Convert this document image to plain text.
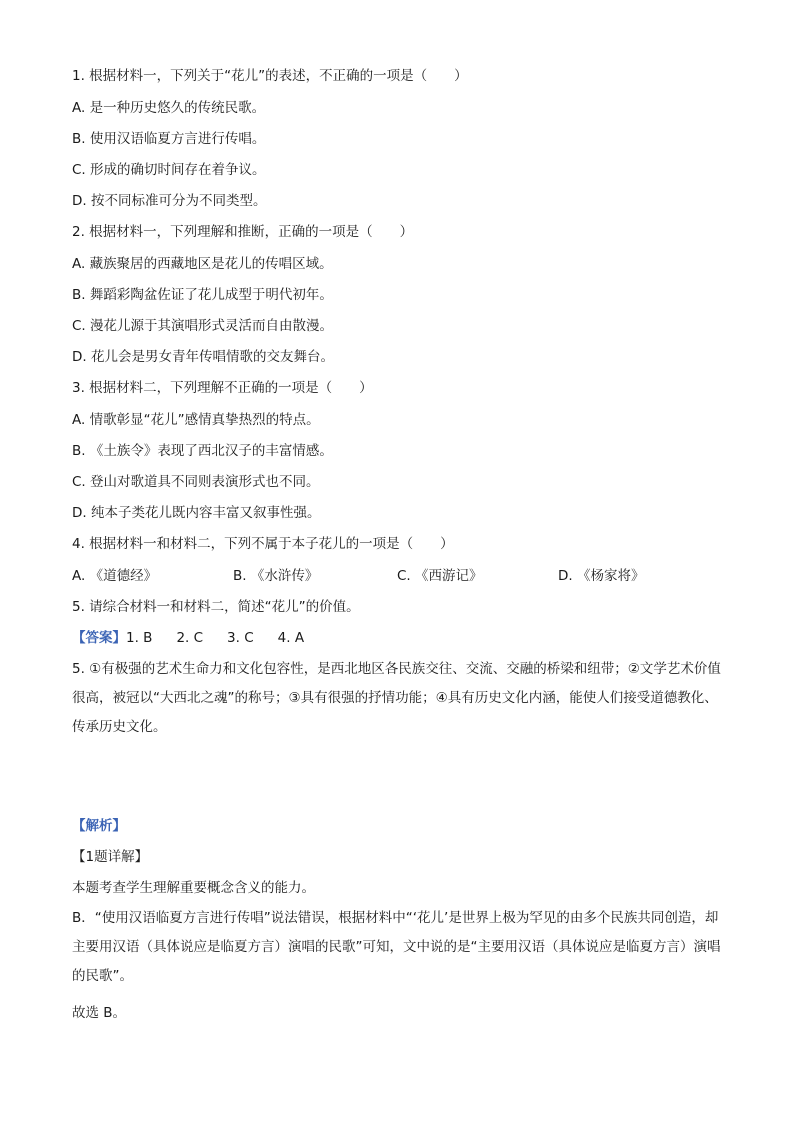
1. 根据材料一，下列关于“花儿”的表述，不正确的一项是（　　）
A. 是一种历史悠久的传统民歌。
B. 使用汉语临夏方言进行传唱。
C. 形成的确切时间存在着争议。
D. 按不同标准可分为不同类型。
2. 根据材料一，下列理解和推断，正确的一项是（　　）
A. 藏族聚居的西藏地区是花儿的传唱区域。
B. 舞蹈彩陶盆佐证了花儿成型于明代初年。
C. 漫花儿源于其演唱形式灵活而自由散漫。
D. 花儿会是男女青年传唱情歌的交友舞台。
3. 根据材料二，下列理解不正确的一项是（　　）
A. 情歌彰显“花儿”感情真挚热烈的特点。
B. 《土族令》表现了西北汉子的丰富情感。
C. 登山对歌道具不同则表演形式也不同。
D. 纯本子类花儿既内容丰富又叙事性强。
4. 根据材料一和材料二，下列不属于本子花儿的一项是（　　）
A. 《道德经》	B. 《水浒传》	C. 《西游记》	D. 《杨家将》
5. 请综合材料一和材料二，简述“花儿”的价值。
【答案】1. B 2. C 3. C 4. A
5. ①有极强的艺术生命力和文化包容性，是西北地区各民族交往、交流、交融的桥梁和纽带；②文学艺术价值很高，被冠以“大西北之魂”的称号；③具有很强的抒情功能；④具有历史文化内涵，能使人们接受道德教化、传承历史文化。
【解析】
【1题详解】
本题考查学生理解重要概念含义的能力。
B．“使用汉语临夏方言进行传唱”说法错误，根据材料中“‘花儿’是世界上极为罕见的由多个民族共同创造，却主要用汉语（具体说应是临夏方言）演唱的民歌”可知，文中说的是“主要用汉语（具体说应是临夏方言）演唱的民歌”。
故选 B。
